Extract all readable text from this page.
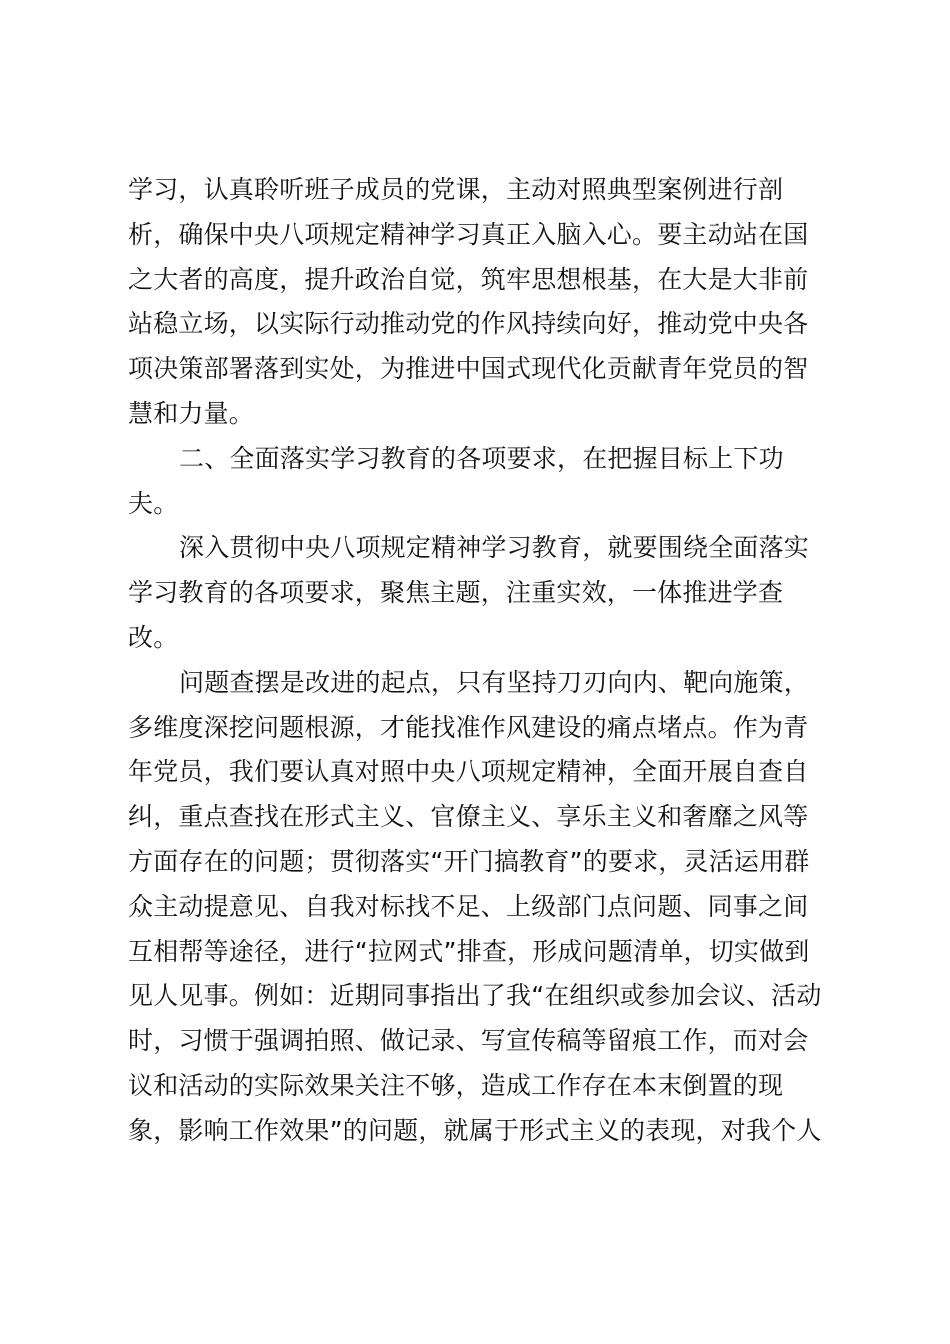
学习，认真聆听班子成员的党课，主动对照典型案例进行剖
析，确保中央八项规定精神学习真正入脑入心。要主动站在国
之大者的高度，提升政治自觉，筑牢思想根基，在大是大非前
站稳立场，以实际行动推动党的作风持续向好，推动党中央各
项决策部署落到实处，为推进中国式现代化贡献青年党员的智
慧和力量。
二、全面落实学习教育的各项要求，在把握目标上下功
夫。
深入贯彻中央八项规定精神学习教育，就要围绕全面落实
学习教育的各项要求，聚焦主题，注重实效，一体推进学查
改。
问题查摆是改进的起点，只有坚持刀刃向内、靶向施策，
多维度深挖问题根源，才能找准作风建设的痛点堵点。作为青
年党员，我们要认真对照中央八项规定精神，全面开展自查自
纠，重点查找在形式主义、官僚主义、享乐主义和奢靡之风等
方面存在的问题；贯彻落实“开门搞教育”的要求，灵活运用群
众主动提意见、自我对标找不足、上级部门点问题、同事之间
互相帮等途径，进行“拉网式”排查，形成问题清单，切实做到
见人见事。例如：近期同事指出了我“在组织或参加会议、活动
时，习惯于强调拍照、做记录、写宣传稿等留痕工作，而对会
议和活动的实际效果关注不够，造成工作存在本末倒置的现
象，影响工作效果”的问题，就属于形式主义的表现，对我个人
